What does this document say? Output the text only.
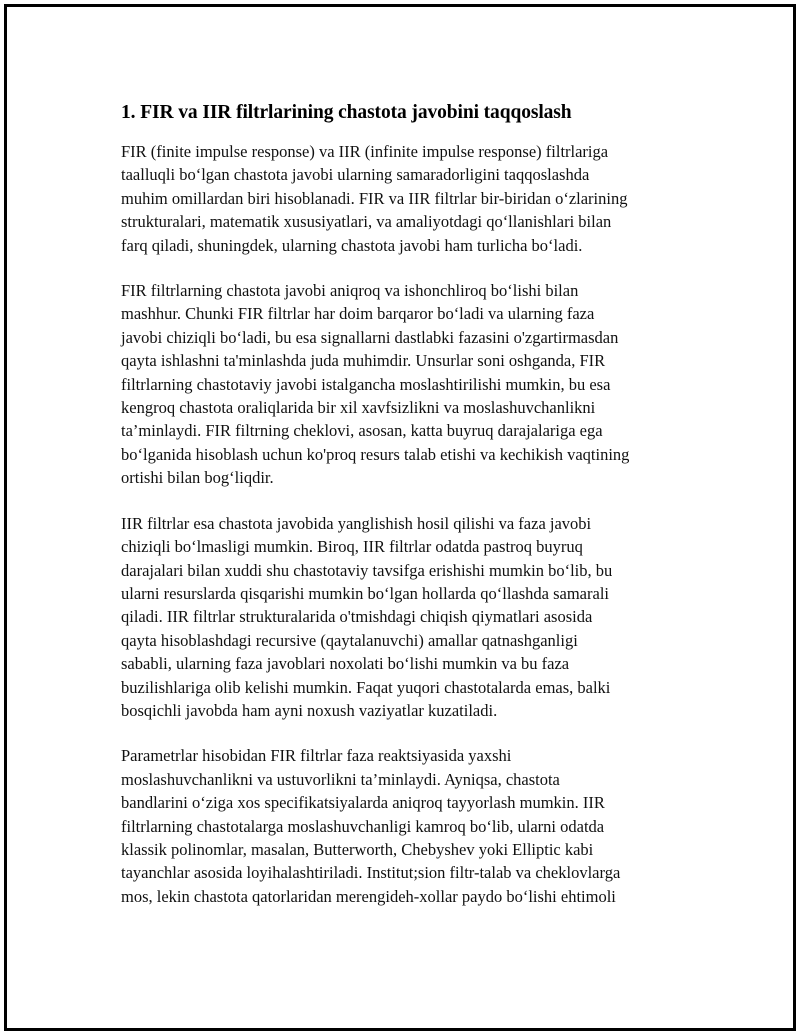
1. FIR va IIR filtrlarining chastota javobini taqqoslash

FIR (finite impulse response) va IIR (infinite impulse response) filtrlariga
taalluqli bo‘lgan chastota javobi ularning samaradorligini taqqoslashda
muhim omillardan biri hisoblanadi. FIR va IIR filtrlar bir-biridan o‘zlarining
strukturalari, matematik xususiyatlari, va amaliyotdagi qo‘llanishlari bilan
farq qiladi, shuningdek, ularning chastota javobi ham turlicha bo‘ladi.

FIR filtrlarning chastota javobi aniqroq va ishonchliroq bo‘lishi bilan
mashhur. Chunki FIR filtrlar har doim barqaror bo‘ladi va ularning faza
javobi chiziqli bo‘ladi, bu esa signallarni dastlabki fazasini o'zgartirmasdan
qayta ishlashni ta'minlashda juda muhimdir. Unsurlar soni oshganda, FIR
filtrlarning chastotaviy javobi istalgancha moslashtirilishi mumkin, bu esa
kengroq chastota oraliqlarida bir xil xavfsizlikni va moslashuvchanlikni
ta’minlaydi. FIR filtrning cheklovi, asosan, katta buyruq darajalariga ega
bo‘lganida hisoblash uchun ko'proq resurs talab etishi va kechikish vaqtining
ortishi bilan bog‘liqdir.

IIR filtrlar esa chastota javobida yanglishish hosil qilishi va faza javobi
chiziqli bo‘lmasligi mumkin. Biroq, IIR filtrlar odatda pastroq buyruq
darajalari bilan xuddi shu chastotaviy tavsifga erishishi mumkin bo‘lib, bu
ularni resurslarda qisqarishi mumkin bo‘lgan hollarda qo‘llashda samarali
qiladi. IIR filtrlar strukturalarida o'tmishdagi chiqish qiymatlari asosida
qayta hisoblashdagi recursive (qaytalanuvchi) amallar qatnashganligi
sababli, ularning faza javoblari noxolati bo‘lishi mumkin va bu faza
buzilishlariga olib kelishi mumkin. Faqat yuqori chastotalarda emas, balki
bosqichli javobda ham ayni noxush vaziyatlar kuzatiladi.

Parametrlar hisobidan FIR filtrlar faza reaktsiyasida yaxshi
moslashuvchanlikni va ustuvorlikni ta’minlaydi. Ayniqsa, chastota
bandlarini o‘ziga xos specifikatsiyalarda aniqroq tayyorlash mumkin. IIR
filtrlarning chastotalarga moslashuvchanligi kamroq bo‘lib, ularni odatda
klassik polinomlar, masalan, Butterworth, Chebyshev yoki Elliptic kabi
tayanchlar asosida loyihalashtiriladi. Institut;sion filtr-talab va cheklovlarga
mos, lekin chastota qatorlaridan merengideh-xollar paydo bo‘lishi ehtimoli
